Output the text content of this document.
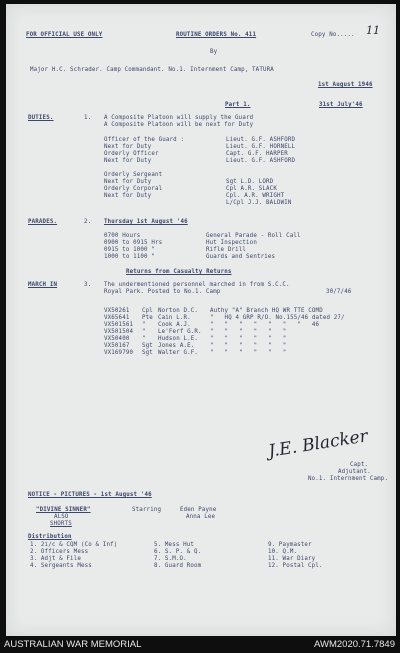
FOR OFFICIAL USE ONLY	ROUTINE ORDERS No. 411	Copy No..... 11
By
Major H.C. Schrader. Camp Commandant. No.1. Internment Camp, TATURA
1st August 1946
Part 1.	31st July'46
DUTIES.	1. A Composite Platoon will supply the Guard
A Composite Platoon will be next for Duty
Officer of the Guard :	Lieut. G.F. ASHFORD
Next for Duty	Lieut. G.F. HORNELL
Orderly Officer	Capt. G.F. HARPER
Next for Duty	Lieut. G.F. ASHFORD
Orderly Sergeant
Next for Duty	Sgt L.D. LORD
Orderly Corporal	Cpl A.R. SLACK
Next for Duty	Cpl. A.R. WRIGHT
L/Cpl J.J. BALDWIN
PARADES.	2. Thursday 1st August '46
0700 Hours	General Parade - Roll Call
0900 to 0915 Hrs	Hut Inspection
0915 to 1000 "	Rifle Drill
1000 to 1100 "	Guards and Sentries
Returns from Casualty Returns
MARCH IN	3. The undermentioned personnel marched in from S.C.C.
Royal Park. Posted to No.1. Camp	30/7/46
VX50261 Cpl Norton D.C. Authy "A" Branch HQ WR TTE COMD
VX65641 Pte Cain L.R.	"   HQ 4 GRP R/O. No.155/46 dated 27/
VX501561 " Cook A.J.	"   "   "   "   "   "   "   46
VX501504 " Le'Ferf G.R. "   "   "   "   "   "
VX50400 " Hudson L.E. "   "   "   "   "   "
VX50167 Sgt Jones A.E.	"   "   "   "   "   "
VX169790 Sgt Walter G.F. "   "   "   "   "   "
J.E. Blacker
Capt.
Adjutant.
No.1. Internment Camp.
NOTICE - PICTURES - 1st August '46
"DIVINE SINNER"	Starring	Eden Payne
Anna Lee
ALSO
SHORTS
Distribution
1. 2i/c & CQM (Co & Inf)
2. Officers Mess
3. Adjt & File
4. Sergeants Mess
5. Mess Hut
6. S. P. & Q.
7. S.M.O.
8. Guard Room
9. Paymaster
10. Q.M.
11. War Diary
12. Postal Cpl.
AUSTRALIAN WAR MEMORIAL	AWM2020.71.7849
